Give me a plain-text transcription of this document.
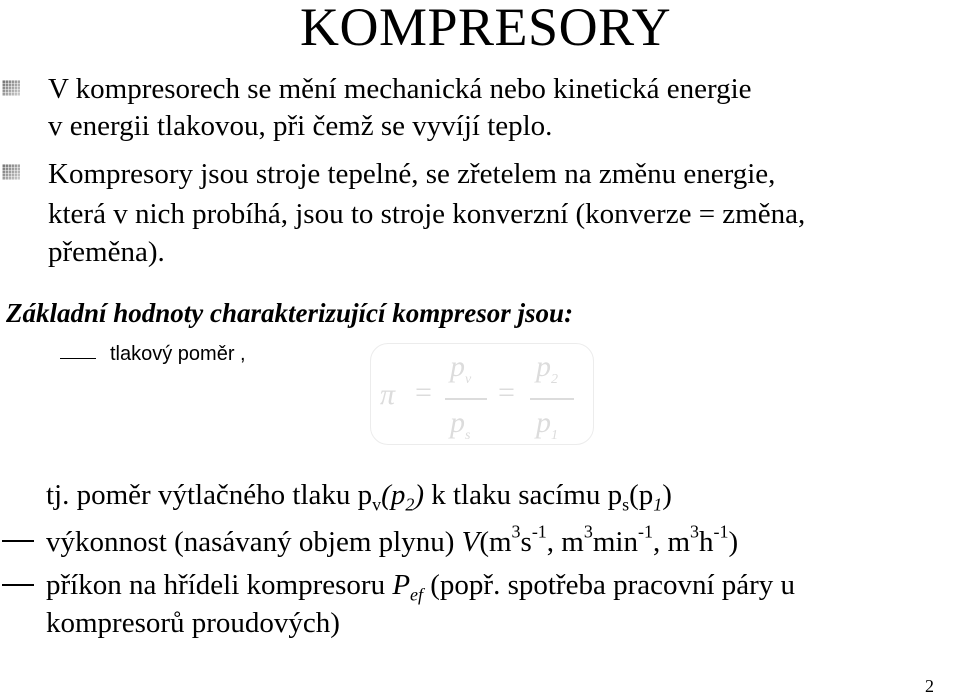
KOMPRESORY
V kompresorech se mění mechanická nebo kinetická energie
v energii tlakovou, při čemž se vyvíjí teplo.
Kompresory jsou stroje tepelné, se zřetelem na změnu energie,
která v nich probíhá, jsou to stroje konverzní (konverze = změna,
přeměna).
Základní hodnoty charakterizující kompresor jsou:
tlakový poměr ,
π =
$p_v$
$p_s$
=
$p_2$
$p_1$
tj. poměr výtlačného tlaku $p_v(p_2)$ k tlaku sacímu $p_s(p_1)$
výkonnost (nasávaný objem plynu) $V(m^3s^{-1}$, $m^3\min^{-1}$, $m^3h^{-1}$)
příkon na hřídeli kompresoru $P_{ef}$ (popř. spotřeba pracovní páry u
kompresorů proudových)
2
